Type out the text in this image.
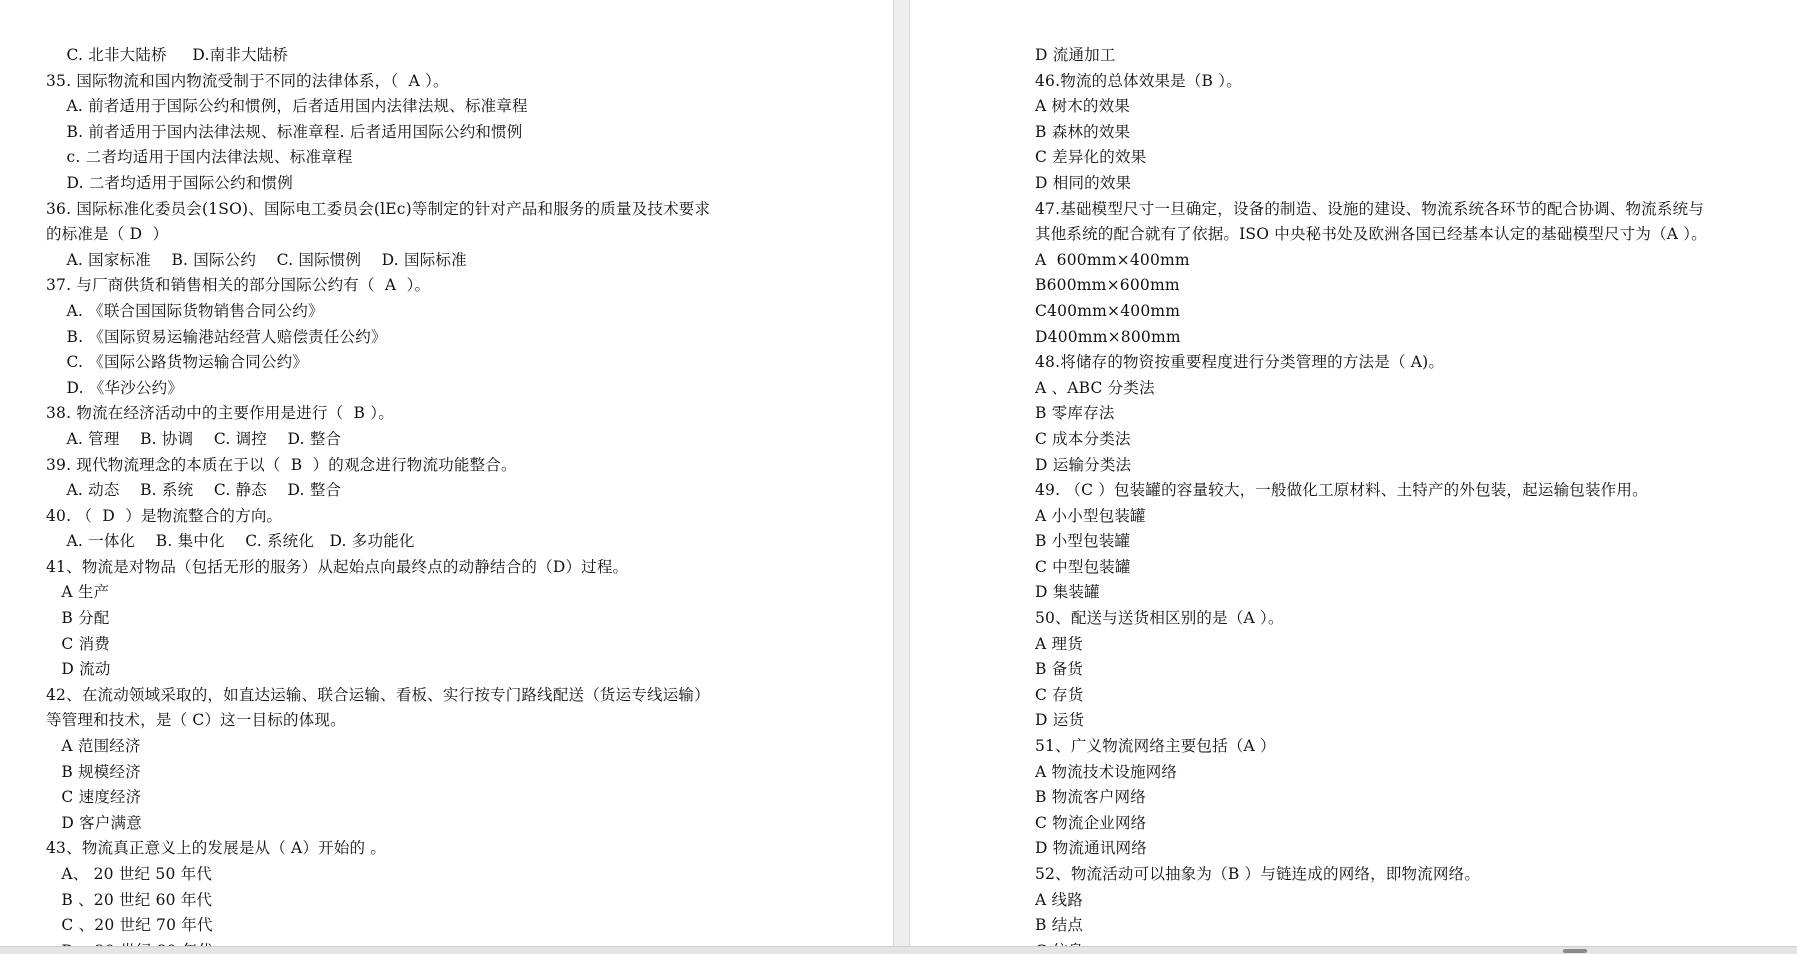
C. 北非大陆桥     D.南非大陆桥
35. 国际物流和国内物流受制于不同的法律体系，（  A ）。
A. 前者适用于国际公约和惯例，后者适用国内法律法规、标准章程
B. 前者适用于国内法律法规、标准章程. 后者适用国际公约和惯例
c. 二者均适用于国内法律法规、标准章程
D. 二者均适用于国际公约和惯例
36. 国际标准化委员会(1SO)、国际电工委员会(lEc)等制定的针对产品和服务的质量及技术要求
的标准是（ D  ）
A. 国家标准    B. 国际公约    C. 国际惯例    D. 国际标准
37. 与厂商供货和销售相关的部分国际公约有（  A  ）。
A. 《联合国国际货物销售合同公约》
B. 《国际贸易运输港站经营人赔偿责任公约》
C. 《国际公路货物运输合同公约》
D. 《华沙公约》
38. 物流在经济活动中的主要作用是进行（  B ）。
A. 管理    B. 协调    C. 调控    D. 整合
39. 现代物流理念的本质在于以（  B  ）的观念进行物流功能整合。
A. 动态    B. 系统    C. 静态    D. 整合
40. （  D  ）是物流整合的方向。
A. 一体化    B. 集中化    C. 系统化   D. 多功能化
41、物流是对物品（包括无形的服务）从起始点向最终点的动静结合的（D）过程。
A 生产
B 分配
C 消费
D 流动
42、在流动领域采取的，如直达运输、联合运输、看板、实行按专门路线配送（货运专线运输）
等管理和技术，是（ C）这一目标的体现。
A 范围经济
B 规模经济
C 速度经济
D 客户满意
43、物流真正意义上的发展是从（ A）开始的 。
A、 20 世纪 50 年代
B 、20 世纪 60 年代
C 、20 世纪 70 年代
D 流通加工
46.物流的总体效果是（B ）。
A 树木的效果
B 森林的效果
C 差异化的效果
D 相同的效果
47.基础模型尺寸一旦确定，设备的制造、设施的建设、物流系统各环节的配合协调、物流系统与
其他系统的配合就有了依据。ISO 中央秘书处及欧洲各国已经基本认定的基础模型尺寸为（A ）。
A  600mm×400mm
B600mm×600mm
C400mm×400mm
D400mm×800mm
48.将储存的物资按重要程度进行分类管理的方法是（ A)。
A 、ABC 分类法
B 零库存法
C 成本分类法
D 运输分类法
49. （C ）包装罐的容量较大，一般做化工原材料、土特产的外包装，起运输包装作用。
A 小小型包装罐
B 小型包装罐
C 中型包装罐
D 集装罐
50、配送与送货相区别的是（A ）。
A 理货
B 备货
C 存货
D 运货
51、广义物流网络主要包括（A ）
A 物流技术设施网络
B 物流客户网络
C 物流企业网络
D 物流通讯网络
52、物流活动可以抽象为（B ）与链连成的网络，即物流网络。
A 线路
B 结点
